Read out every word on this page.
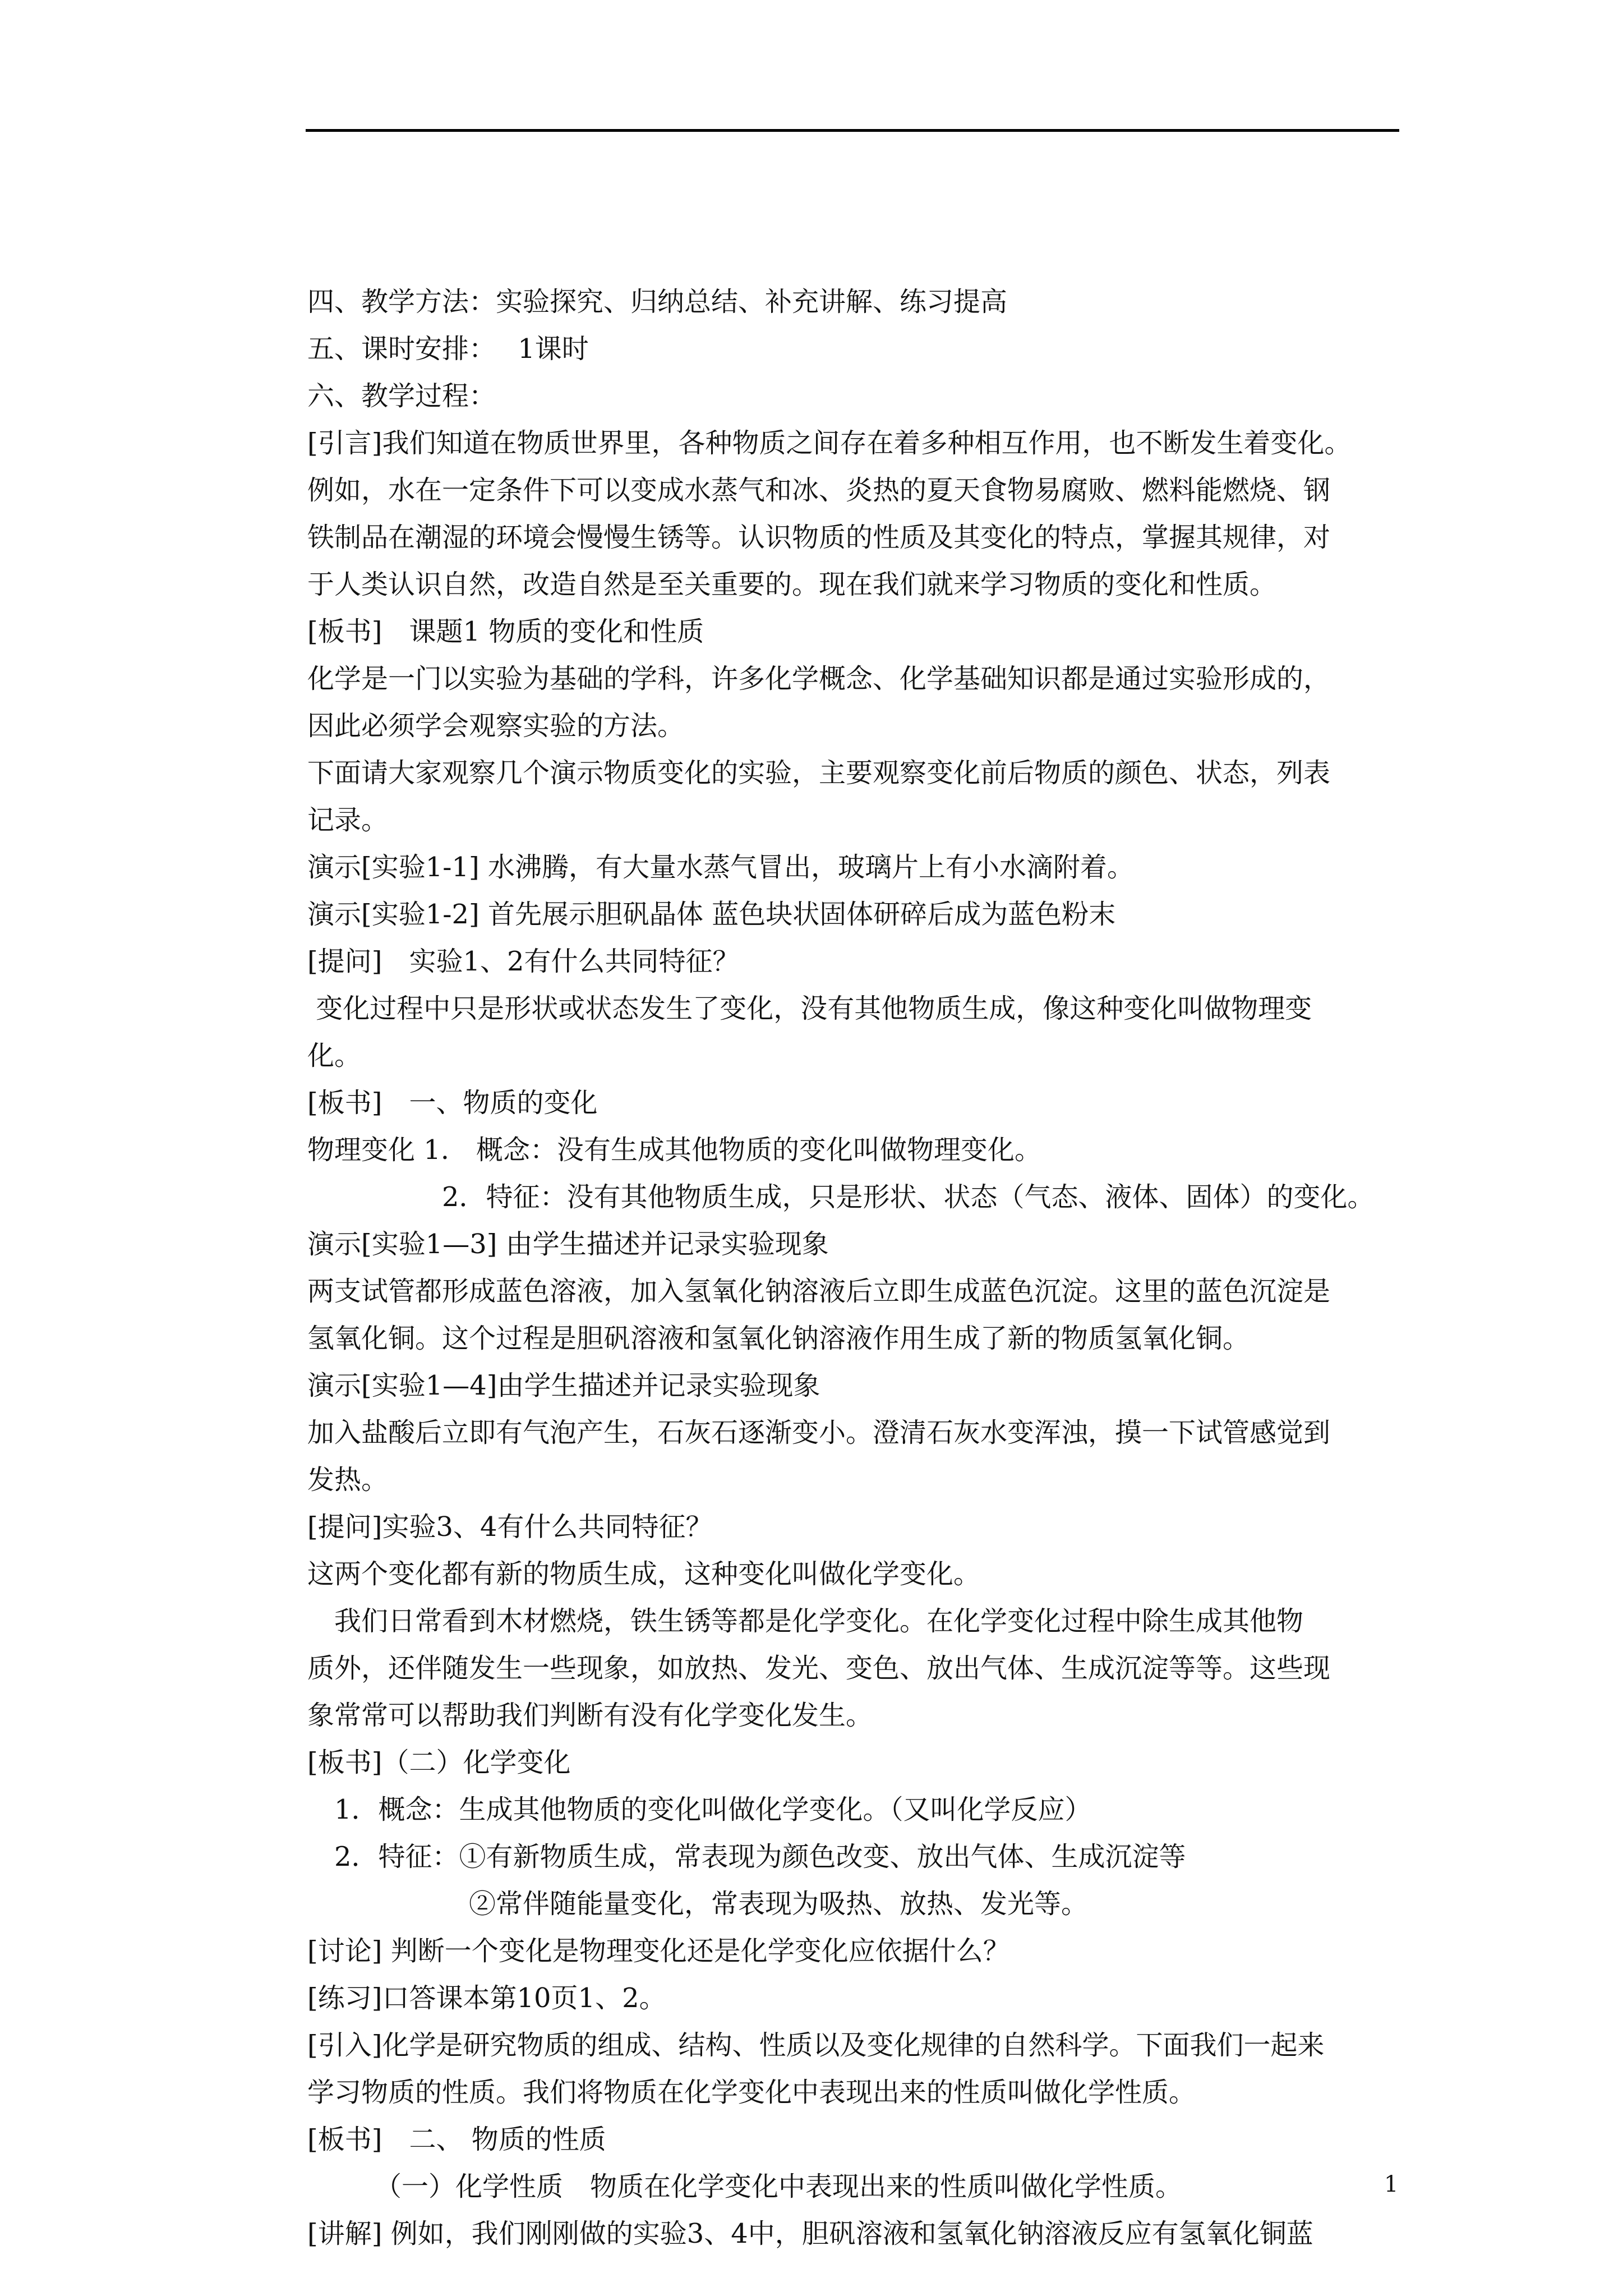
四、教学方法：实验探究、归纳总结、补充讲解、练习提高
五、课时安排：　 1课时
六、教学过程：
[引言]我们知道在物质世界里，各种物质之间存在着多种相互作用，也不断发生着变化。
例如，水在一定条件下可以变成水蒸气和冰、炎热的夏天食物易腐败、燃料能燃烧、钢
铁制品在潮湿的环境会慢慢生锈等。认识物质的性质及其变化的特点，掌握其规律，对
于人类认识自然，改造自然是至关重要的。现在我们就来学习物质的变化和性质。
[板书]　课题1 物质的变化和性质
化学是一门以实验为基础的学科，许多化学概念、化学基础知识都是通过实验形成的，
因此必须学会观察实验的方法。
下面请大家观察几个演示物质变化的实验，主要观察变化前后物质的颜色、状态，列表
记录。
演示[实验1-1] 水沸腾，有大量水蒸气冒出，玻璃片上有小水滴附着。
演示[实验1-2] 首先展示胆矾晶体 蓝色块状固体研碎后成为蓝色粉末
[提问]　实验1、2有什么共同特征？
变化过程中只是形状或状态发生了变化，没有其他物质生成，像这种变化叫做物理变
化。
[板书]　一、物质的变化
物理变化 1.　概念：没有生成其他物质的变化叫做物理变化。
　　　　　2．特征：没有其他物质生成，只是形状、状态（气态、液体、固体）的变化。
演示[实验1—3] 由学生描述并记录实验现象
两支试管都形成蓝色溶液，加入氢氧化钠溶液后立即生成蓝色沉淀。这里的蓝色沉淀是
氢氧化铜。这个过程是胆矾溶液和氢氧化钠溶液作用生成了新的物质氢氧化铜。
演示[实验1—4]由学生描述并记录实验现象
加入盐酸后立即有气泡产生，石灰石逐渐变小。澄清石灰水变浑浊，摸一下试管感觉到
发热。
[提问]实验3、4有什么共同特征？
这两个变化都有新的物质生成，这种变化叫做化学变化。
　我们日常看到木材燃烧，铁生锈等都是化学变化。在化学变化过程中除生成其他物
质外，还伴随发生一些现象，如放热、发光、变色、放出气体、生成沉淀等等。这些现
象常常可以帮助我们判断有没有化学变化发生。
[板书]（二）化学变化
　1．概念：生成其他物质的变化叫做化学变化。（又叫化学反应）
　2．特征：①有新物质生成，常表现为颜色改变、放出气体、生成沉淀等
　　　　　　②常伴随能量变化，常表现为吸热、放热、发光等。
[讨论] 判断一个变化是物理变化还是化学变化应依据什么？
[练习]口答课本第10页1、2。
[引入]化学是研究物质的组成、结构、性质以及变化规律的自然科学。下面我们一起来
学习物质的性质。我们将物质在化学变化中表现出来的性质叫做化学性质。
[板书]　二、 物质的性质
　　　（一）化学性质　物质在化学变化中表现出来的性质叫做化学性质。
[讲解] 例如，我们刚刚做的实验3、4中，胆矾溶液和氢氧化钠溶液反应有氢氧化铜蓝
1
